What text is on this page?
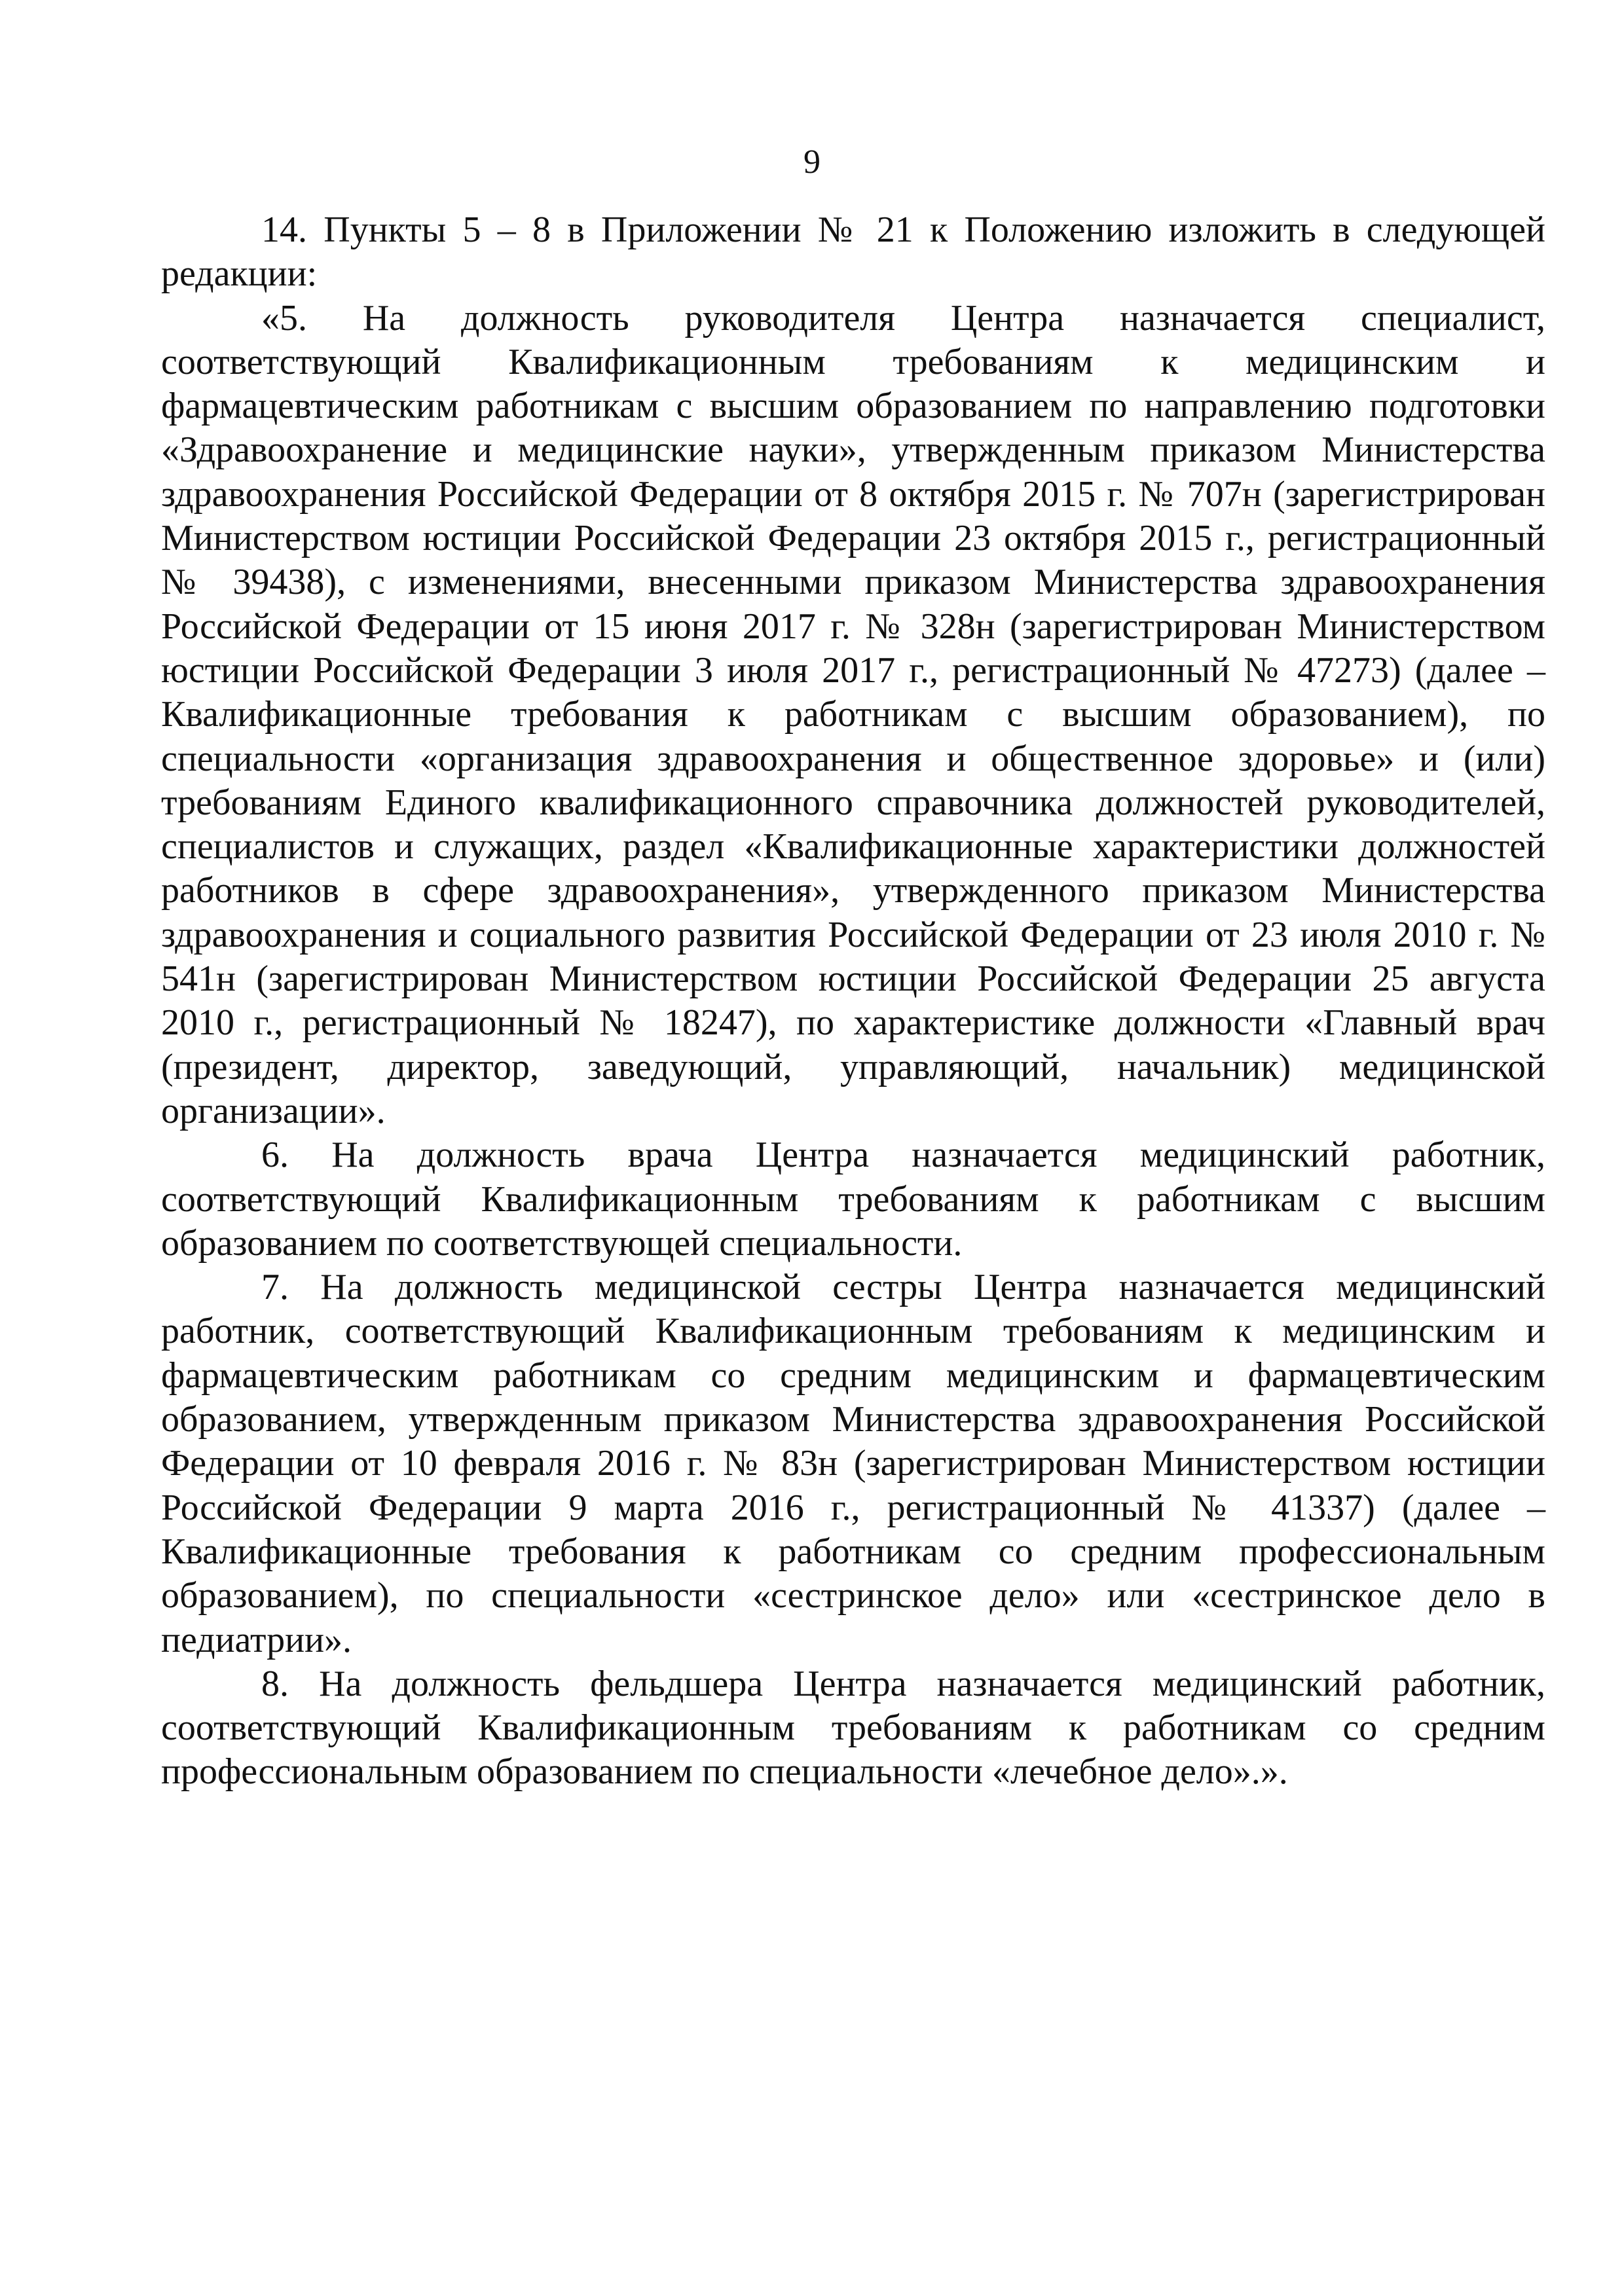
9

14. Пункты 5 – 8 в Приложении № 21 к Положению изложить в следующей редакции:

«5. На должность руководителя Центра назначается специалист, соответствующий Квалификационным требованиям к медицинским и фармацевтическим работникам с высшим образованием по направлению подготовки «Здравоохранение и медицинские науки», утвержденным приказом Министерства здравоохранения Российской Федерации от 8 октября 2015 г. № 707н (зарегистрирован Министерством юстиции Российской Федерации 23 октября 2015 г., регистрационный № 39438), с изменениями, внесенными приказом Министерства здравоохранения Российской Федерации от 15 июня 2017 г. № 328н (зарегистрирован Министерством юстиции Российской Федерации 3 июля 2017 г., регистрационный № 47273) (далее – Квалификационные требования к работникам с высшим образованием), по специальности «организация здравоохранения и общественное здоровье» и (или) требованиям Единого квалификационного справочника должностей руководителей, специалистов и служащих, раздел «Квалификационные характеристики должностей работников в сфере здравоохранения», утвержденного приказом Министерства здравоохранения и социального развития Российской Федерации от 23 июля 2010 г. № 541н (зарегистрирован Министерством юстиции Российской Федерации 25 августа 2010 г., регистрационный № 18247), по характеристике должности «Главный врач (президент, директор, заведующий, управляющий, начальник) медицинской организации».

6. На должность врача Центра назначается медицинский работник, соответствующий Квалификационным требованиям к работникам с высшим образованием по соответствующей специальности.

7. На должность медицинской сестры Центра назначается медицинский работник, соответствующий Квалификационным требованиям к медицинским и фармацевтическим работникам со средним медицинским и фармацевтическим образованием, утвержденным приказом Министерства здравоохранения Российской Федерации от 10 февраля 2016 г. № 83н (зарегистрирован Министерством юстиции Российской Федерации 9 марта 2016 г., регистрационный № 41337) (далее – Квалификационные требования к работникам со средним профессиональным образованием), по специальности «сестринское дело» или «сестринское дело в педиатрии».

8. На должность фельдшера Центра назначается медицинский работник, соответствующий Квалификационным требованиям к работникам со средним профессиональным образованием по специальности «лечебное дело».».
